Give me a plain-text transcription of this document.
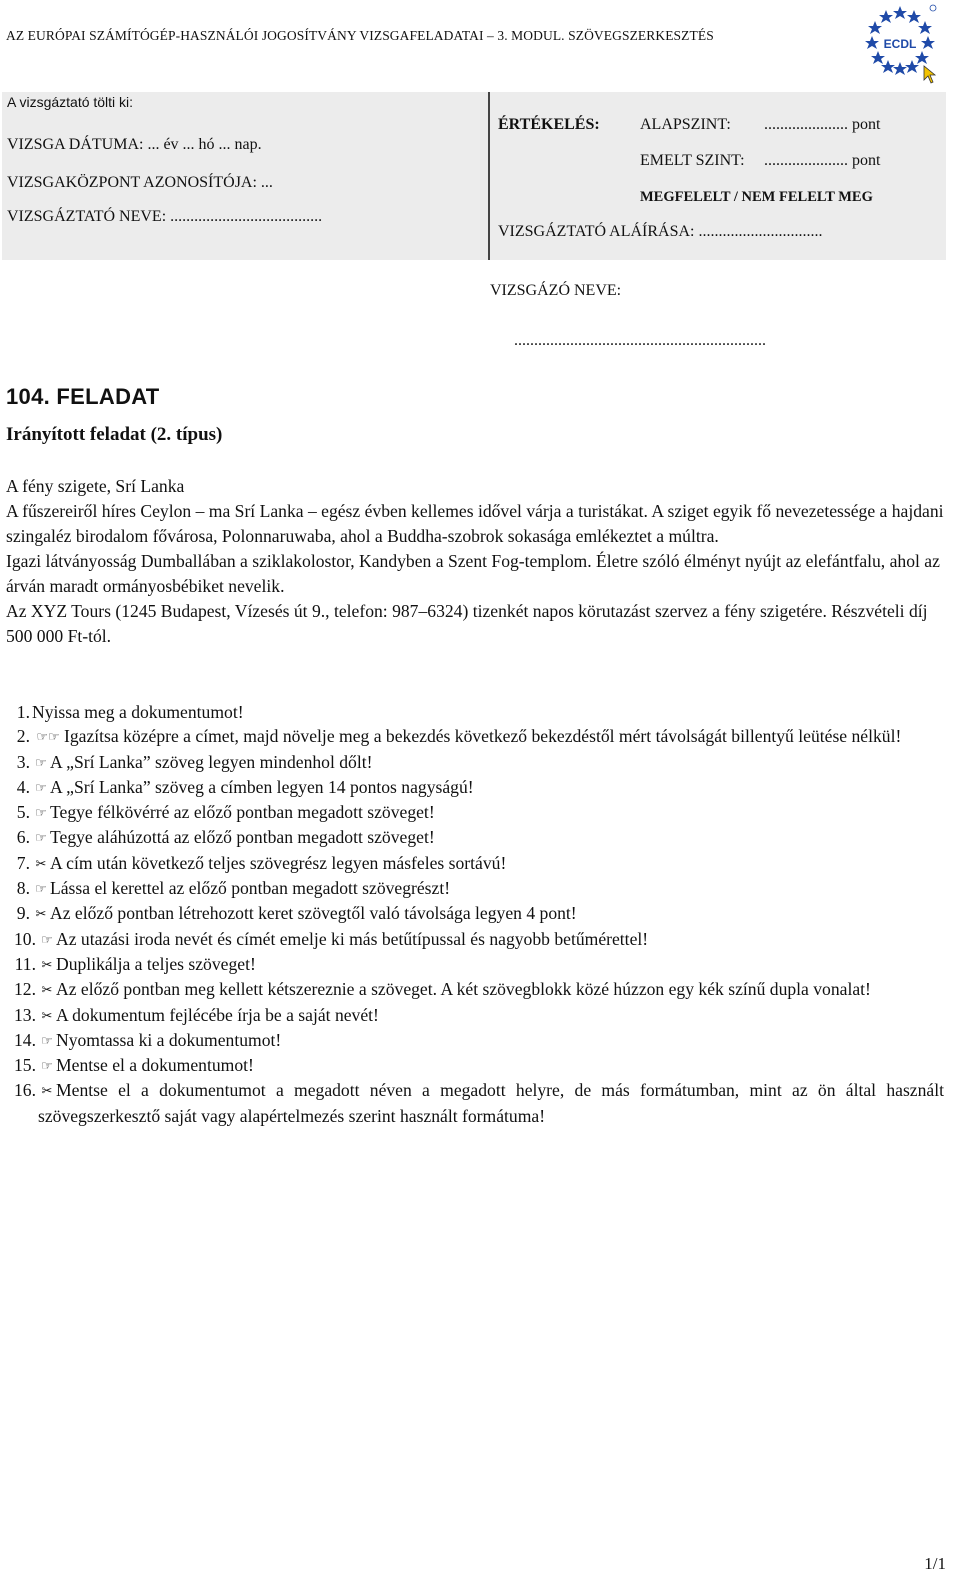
AZ EURÓPAI SZÁMÍTÓGÉP-HASZNÁLÓI JOGOSÍTVÁNY VIZSGAFELADATAI – 3. MODUL. SZÖVEGSZERKESZTÉS
ECDL
A vizsgáztató tölti ki:
VIZSGA DÁTUMA: ... év ... hó ... nap.
VIZSGAKÖZPONT AZONOSÍTÓJA: ...
VIZSGÁZTATÓ NEVE: ......................................
ÉRTÉKELÉS:	ALAPSZINT: ..................... pont
EMELT SZINT: ..................... pont
MEGFELELT / NEM FELELT MEG
VIZSGÁZTATÓ ALÁÍRÁSA: ...............................
VIZSGÁZÓ NEVE:
...............................................................
104. FELADAT
Irányított feladat (2. típus)

A fény szigete, Srí Lanka

A fűszereiről híres Ceylon – ma Srí Lanka – egész évben kellemes idővel várja a turistákat. A sziget egyik fő nevezetessége a hajdani szingaléz birodalom fővárosa, Polonnaruwaba, ahol a Buddha-szobrok sokasága emlékeztet a múltra.

Igazi látványosság Dumballában a sziklakolostor, Kandyben a Szent Fog-templom. Életre szóló élményt nyújt az elefántfalu, ahol az árván maradt ormányosbébiket nevelik.

Az XYZ Tours (1245 Budapest, Vízesés út 9., telefon: 987–6324) tizenkét napos körutazást szervez a fény szigetére. Részvételi díj 500 000 Ft-tól.

1. Nyissa meg a dokumentumot!
2. ☞☞ Igazítsa középre a címet, majd növelje meg a bekezdés következő bekezdéstől mért távolságát billentyű leütése nélkül!
3. ☞ A „Srí Lanka” szöveg legyen mindenhol dőlt!
4. ☞ A „Srí Lanka” szöveg a címben legyen 14 pontos nagyságú!
5. ☞ Tegye félkövérré az előző pontban megadott szöveget!
6. ☞ Tegye aláhúzottá az előző pontban megadott szöveget!
7. ✂ A cím után következő teljes szövegrész legyen másfeles sortávú!
8. ☞ Lássa el kerettel az előző pontban megadott szövegrészt!
9. ✂ Az előző pontban létrehozott keret szövegtől való távolsága legyen 4 pont!
10. ☞ Az utazási iroda nevét és címét emelje ki más betűtípussal és nagyobb betűmérettel!
11. ✂ Duplikálja a teljes szöveget!
12. ✂ Az előző pontban meg kellett kétszereznie a szöveget. A két szövegblokk közé húzzon egy kék színű dupla vonalat!
13. ✂ A dokumentum fejlécébe írja be a saját nevét!
14. ☞ Nyomtassa ki a dokumentumot!
15. ☞ Mentse el a dokumentumot!
16. ✂ Mentse el a dokumentumot a megadott néven a megadott helyre, de más formátumban, mint az ön által használt szövegszerkesztő saját vagy alapértelmezés szerint használt formátuma!
1/1
